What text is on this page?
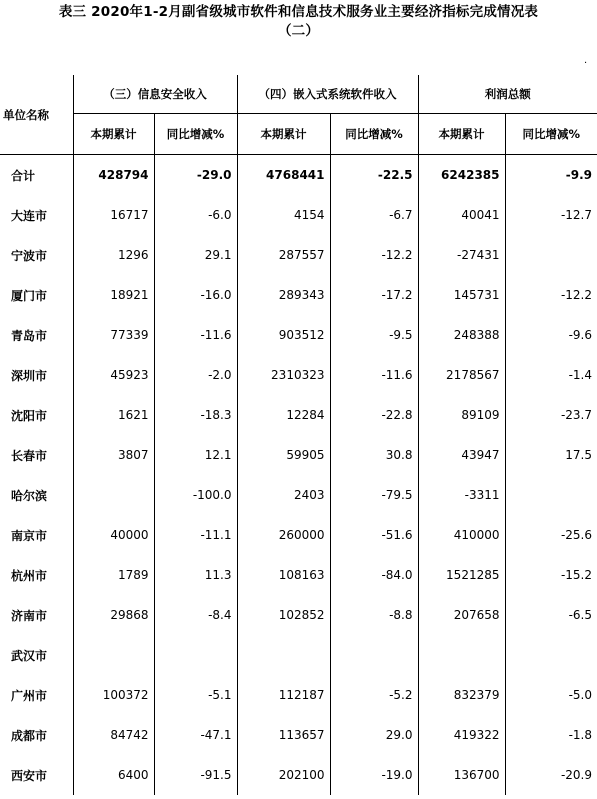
表三 2020年1-2月副省级城市软件和信息技术服务业主要经济指标完成情况表
（二）
.
单位名称	（三）信息安全收入		（四）嵌入式系统软件收入		利润总额	
	本期累计	同比增减%	本期累计	同比增减%	本期累计	同比增减%
合计	428794	-29.0	4768441	-22.5	6242385	-9.9
大连市	16717	-6.0	4154	-6.7	40041	-12.7
宁波市	1296	29.1	287557	-12.2	-27431	
厦门市	18921	-16.0	289343	-17.2	145731	-12.2
青岛市	77339	-11.6	903512	-9.5	248388	-9.6
深圳市	45923	-2.0	2310323	-11.6	2178567	-1.4
沈阳市	1621	-18.3	12284	-22.8	89109	-23.7
长春市	3807	12.1	59905	30.8	43947	17.5
哈尔滨		-100.0	2403	-79.5	-3311	
南京市	40000	-11.1	260000	-51.6	410000	-25.6
杭州市	1789	11.3	108163	-84.0	1521285	-15.2
济南市	29868	-8.4	102852	-8.8	207658	-6.5
武汉市						
广州市	100372	-5.1	112187	-5.2	832379	-5.0
成都市	84742	-47.1	113657	29.0	419322	-1.8
西安市	6400	-91.5	202100	-19.0	136700	-20.9
